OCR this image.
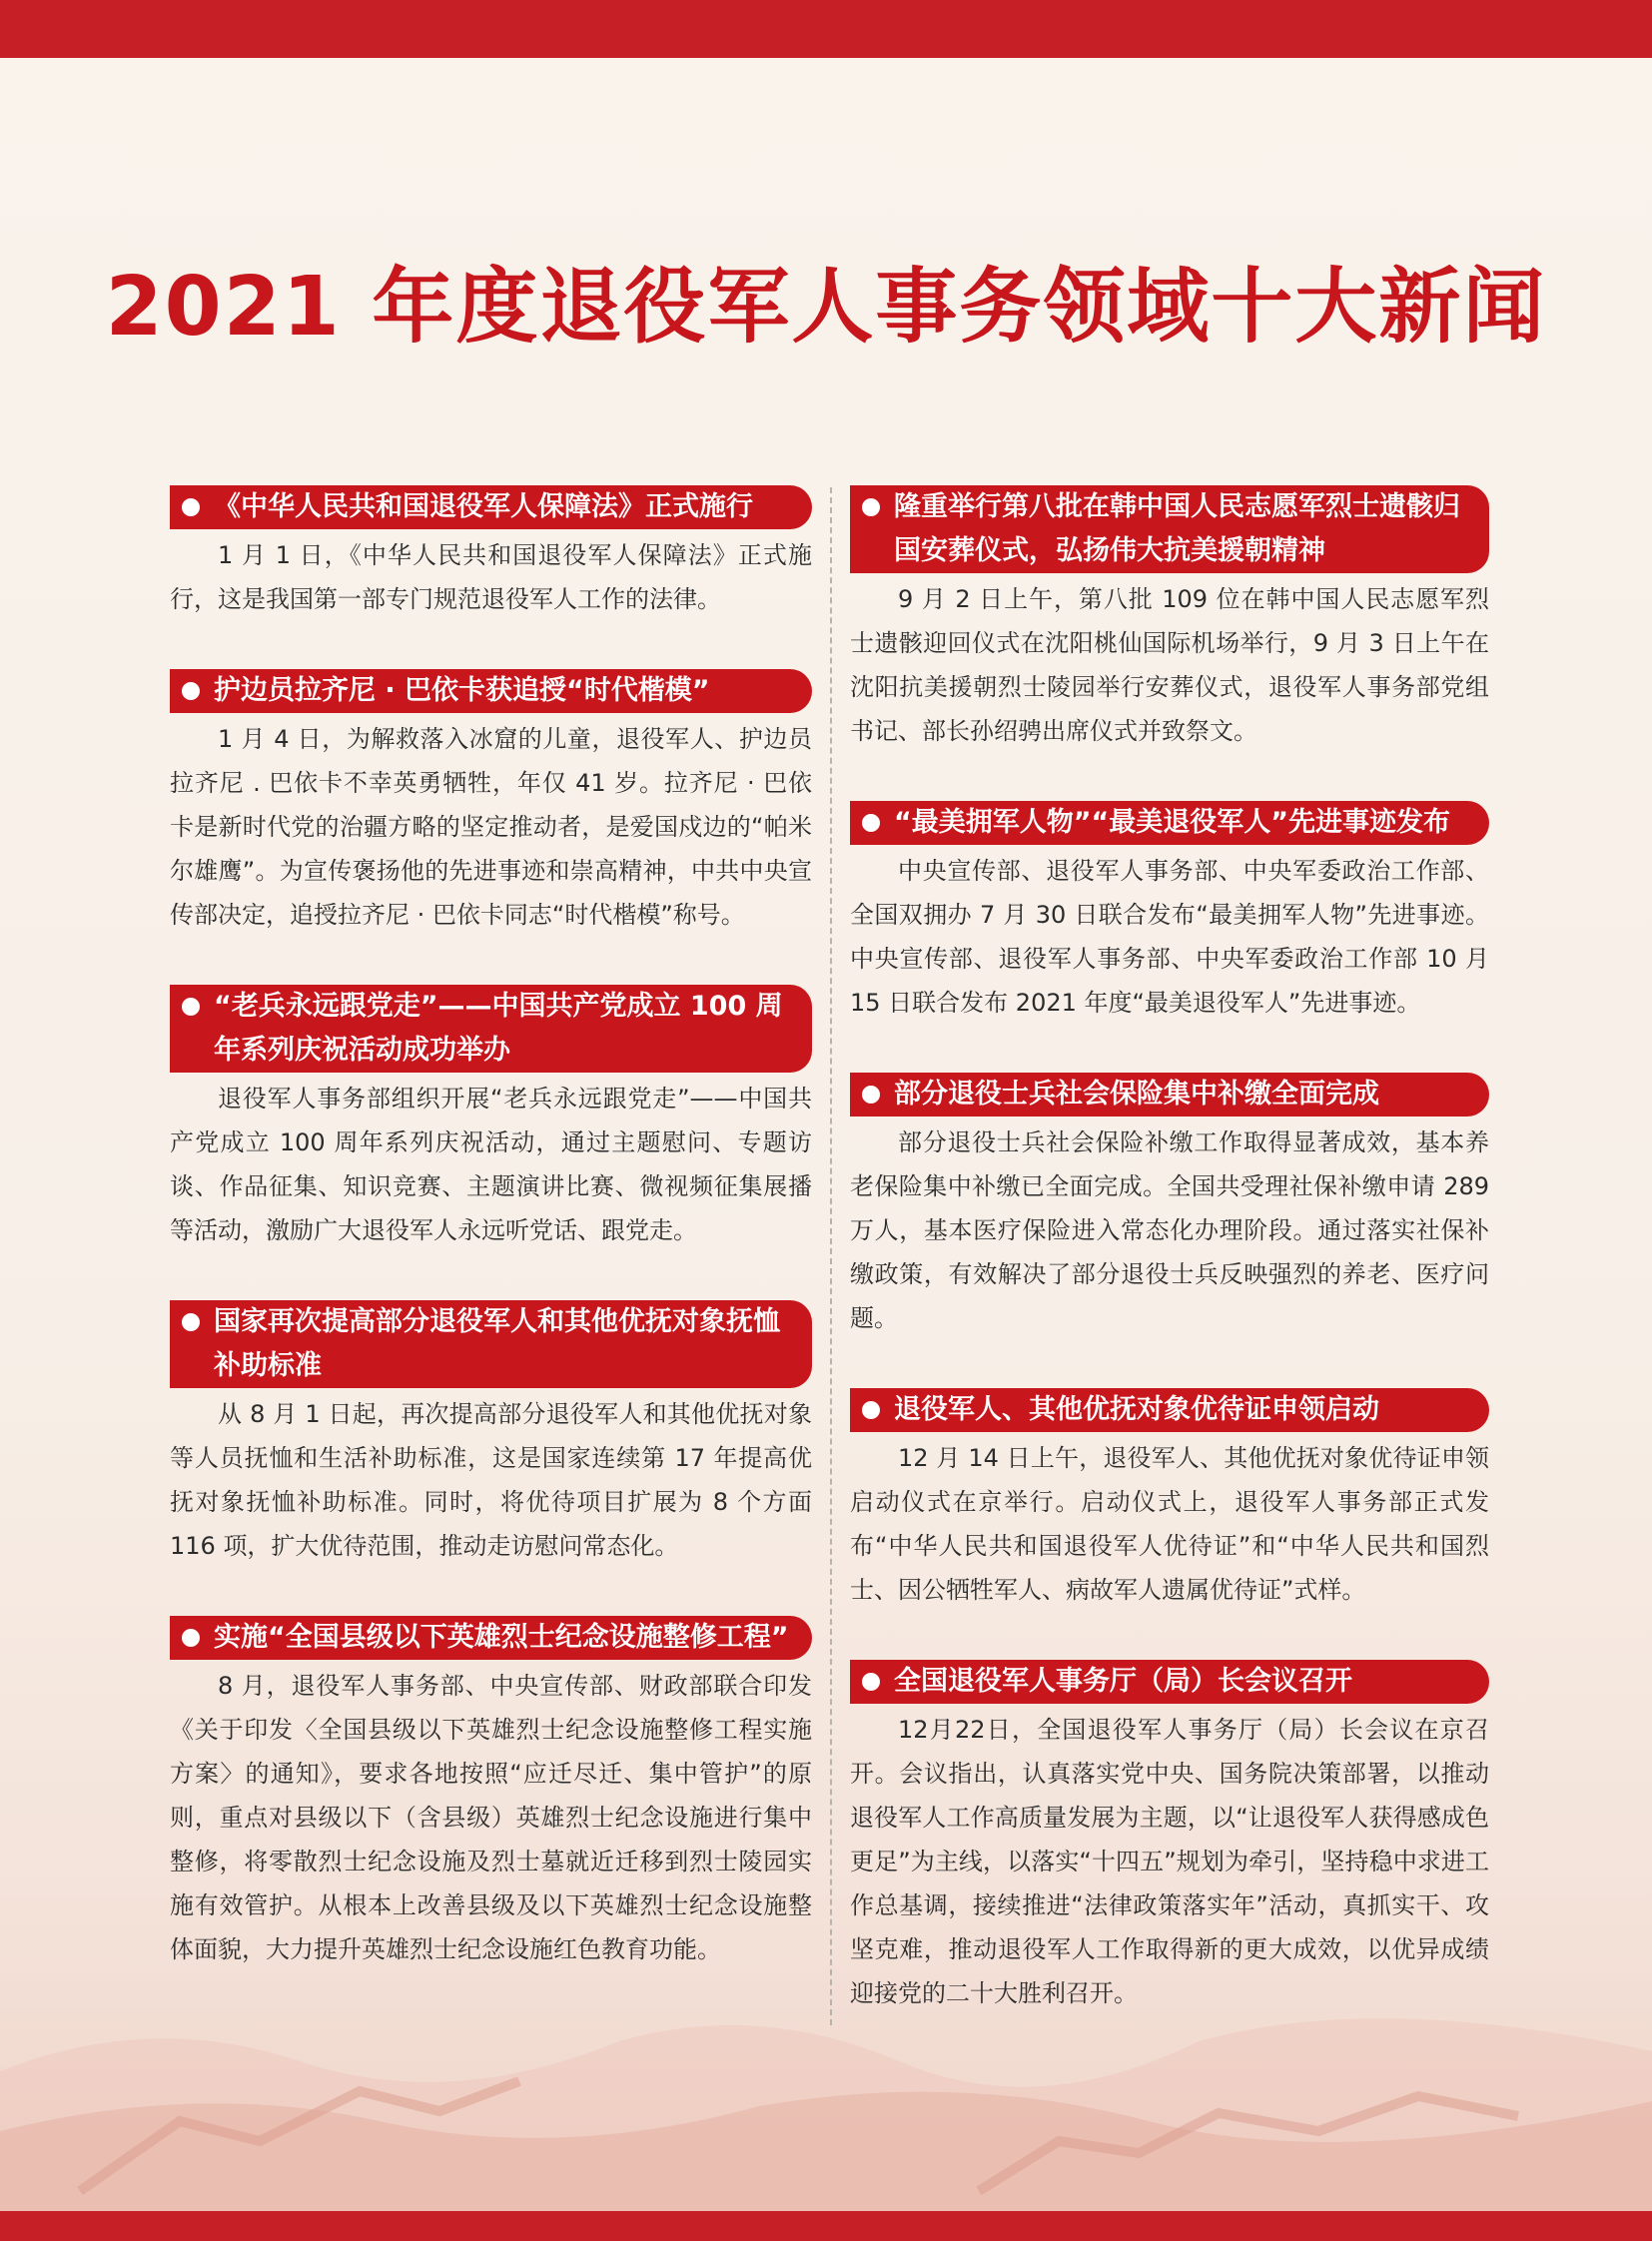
2021 年度退役军人事务领域十大新闻
《中华人民共和国退役军人保障法》正式施行

1 月 1 日，《中华人民共和国退役军人保障法》正式施行，这是我国第一部专门规范退役军人工作的法律。

护边员拉齐尼 · 巴依卡获追授“时代楷模”

1 月 4 日，为解救落入冰窟的儿童，退役军人、护边员拉齐尼 . 巴依卡不幸英勇牺牲，年仅 41 岁。拉齐尼 · 巴依卡是新时代党的治疆方略的坚定推动者，是爱国戍边的“帕米尔雄鹰”。为宣传褒扬他的先进事迹和崇高精神，中共中央宣传部决定，追授拉齐尼 · 巴依卡同志“时代楷模”称号。

“老兵永远跟党走”——中国共产党成立 100 周年系列庆祝活动成功举办

退役军人事务部组织开展“老兵永远跟党走”——中国共产党成立 100 周年系列庆祝活动，通过主题慰问、专题访谈、作品征集、知识竞赛、主题演讲比赛、微视频征集展播等活动，激励广大退役军人永远听党话、跟党走。

国家再次提高部分退役军人和其他优抚对象抚恤补助标准

从 8 月 1 日起，再次提高部分退役军人和其他优抚对象等人员抚恤和生活补助标准，这是国家连续第 17 年提高优抚对象抚恤补助标准。同时，将优待项目扩展为 8 个方面 116 项，扩大优待范围，推动走访慰问常态化。

实施“全国县级以下英雄烈士纪念设施整修工程”

8 月，退役军人事务部、中央宣传部、财政部联合印发《关于印发〈全国县级以下英雄烈士纪念设施整修工程实施方案〉的通知》，要求各地按照“应迁尽迁、集中管护”的原则，重点对县级以下（含县级）英雄烈士纪念设施进行集中整修，将零散烈士纪念设施及烈士墓就近迁移到烈士陵园实施有效管护。从根本上改善县级及以下英雄烈士纪念设施整体面貌，大力提升英雄烈士纪念设施红色教育功能。

隆重举行第八批在韩中国人民志愿军烈士遗骸归国安葬仪式，弘扬伟大抗美援朝精神

9 月 2 日上午，第八批 109 位在韩中国人民志愿军烈士遗骸迎回仪式在沈阳桃仙国际机场举行，9 月 3 日上午在沈阳抗美援朝烈士陵园举行安葬仪式，退役军人事务部党组书记、部长孙绍骋出席仪式并致祭文。

“最美拥军人物”“最美退役军人”先进事迹发布

中央宣传部、退役军人事务部、中央军委政治工作部、全国双拥办 7 月 30 日联合发布“最美拥军人物”先进事迹。中央宣传部、退役军人事务部、中央军委政治工作部 10 月 15 日联合发布 2021 年度“最美退役军人”先进事迹。

部分退役士兵社会保险集中补缴全面完成

部分退役士兵社会保险补缴工作取得显著成效，基本养老保险集中补缴已全面完成。全国共受理社保补缴申请 289 万人，基本医疗保险进入常态化办理阶段。通过落实社保补缴政策，有效解决了部分退役士兵反映强烈的养老、医疗问题。

退役军人、其他优抚对象优待证申领启动

12 月 14 日上午，退役军人、其他优抚对象优待证申领启动仪式在京举行。启动仪式上，退役军人事务部正式发布“中华人民共和国退役军人优待证”和“中华人民共和国烈士、因公牺牲军人、病故军人遗属优待证”式样。

全国退役军人事务厅（局）长会议召开

12月22日，全国退役军人事务厅（局）长会议在京召开。会议指出，认真落实党中央、国务院决策部署，以推动退役军人工作高质量发展为主题，以“让退役军人获得感成色更足”为主线，以落实“十四五”规划为牵引，坚持稳中求进工作总基调，接续推进“法律政策落实年”活动，真抓实干、攻坚克难，推动退役军人工作取得新的更大成效，以优异成绩迎接党的二十大胜利召开。
